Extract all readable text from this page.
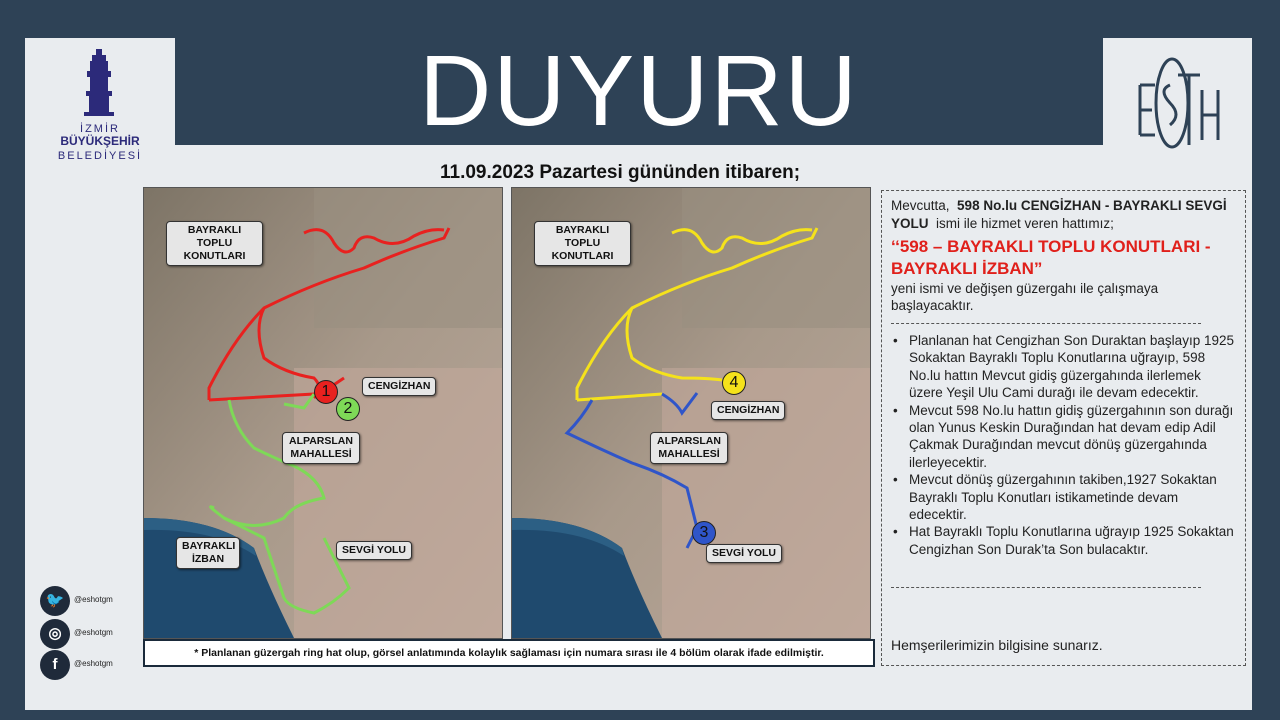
DUYURU
İZMİR
BÜYÜKŞEHİR
BELEDİYESİ
11.09.2023 Pazartesi gününden itibaren;
BAYRAKLI TOPLU KONUTLARI
CENGİZHAN
ALPARSLAN MAHALLESİ
BAYRAKLI İZBAN
SEVGİ YOLU
1
2
BAYRAKLI TOPLU KONUTLARI
CENGİZHAN
ALPARSLAN MAHALLESİ
SEVGİ YOLU
4
3
* Planlanan güzergah ring hat olup, görsel anlatımında kolaylık sağlaması için numara sırası ile 4 bölüm olarak ifade edilmiştir.
Mevcutta, 598 No.lu CENGİZHAN - BAYRAKLI SEVGİ YOLU ismi ile hizmet veren hattımız;
‘‘598 – BAYRAKLI TOPLU KONUTLARI - BAYRAKLI İZBAN”
yeni ismi ve değişen güzergahı ile çalışmaya başlayacaktır.
• Planlanan hat Cengizhan Son Duraktan başlayıp 1925 Sokaktan Bayraklı Toplu Konutlarına uğrayıp, 598 No.lu hattın Mevcut gidiş güzergahında ilerlemek üzere Yeşil Ulu Cami durağı ile devam edecektir.
• Mevcut 598 No.lu hattın gidiş güzergahının son durağı olan Yunus Keskin Durağından hat devam edip Adil Çakmak Durağından mevcut dönüş güzergahında ilerleyecektir.
• Mevcut dönüş güzergahının takiben,1927 Sokaktan Bayraklı Toplu Konutları istikametinde devam edecektir.
• Hat Bayraklı Toplu Konutlarına uğrayıp 1925 Sokaktan Cengizhan Son Durak’ta Son bulacaktır.
Hemşerilerimizin bilgisine sunarız.
🐦	@eshotgm
◎	@eshotgm
f	@eshotgm
